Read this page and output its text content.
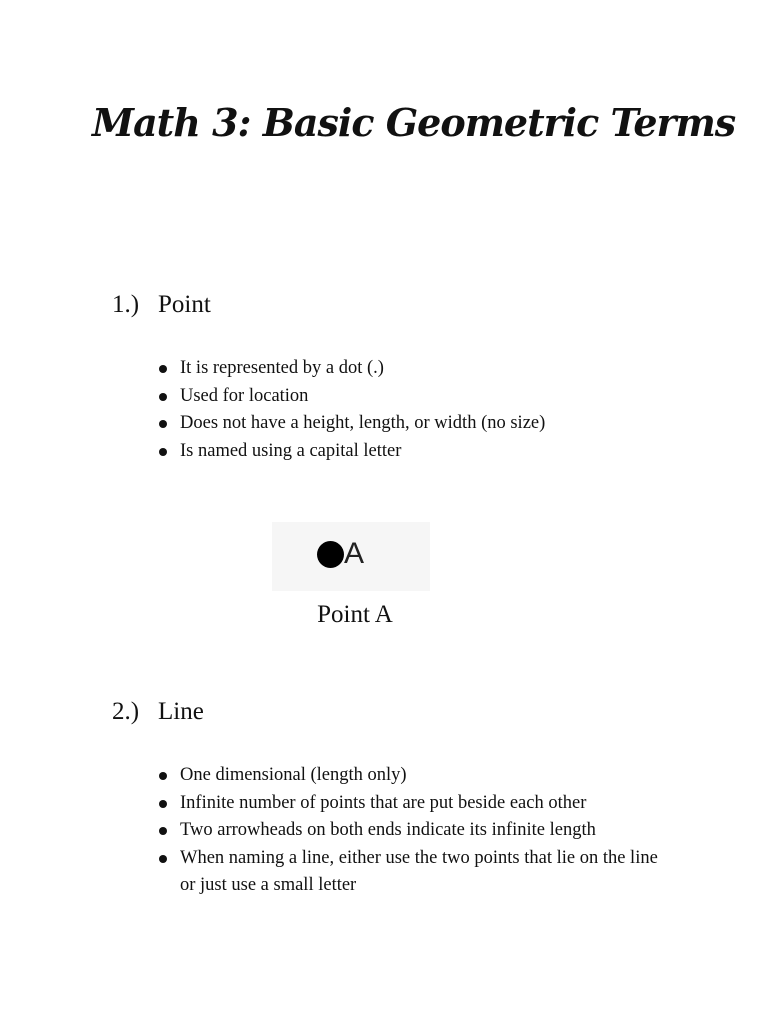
Math 3: Basic Geometric Terms
1.) Point
It is represented by a dot (.)
Used for location
Does not have a height, length, or width (no size)
Is named using a capital letter
A
Point A
2.) Line
One dimensional (length only)
Infinite number of points that are put beside each other
Two arrowheads on both ends indicate its infinite length
When naming a line, either use the two points that lie on the line or just use a small letter
